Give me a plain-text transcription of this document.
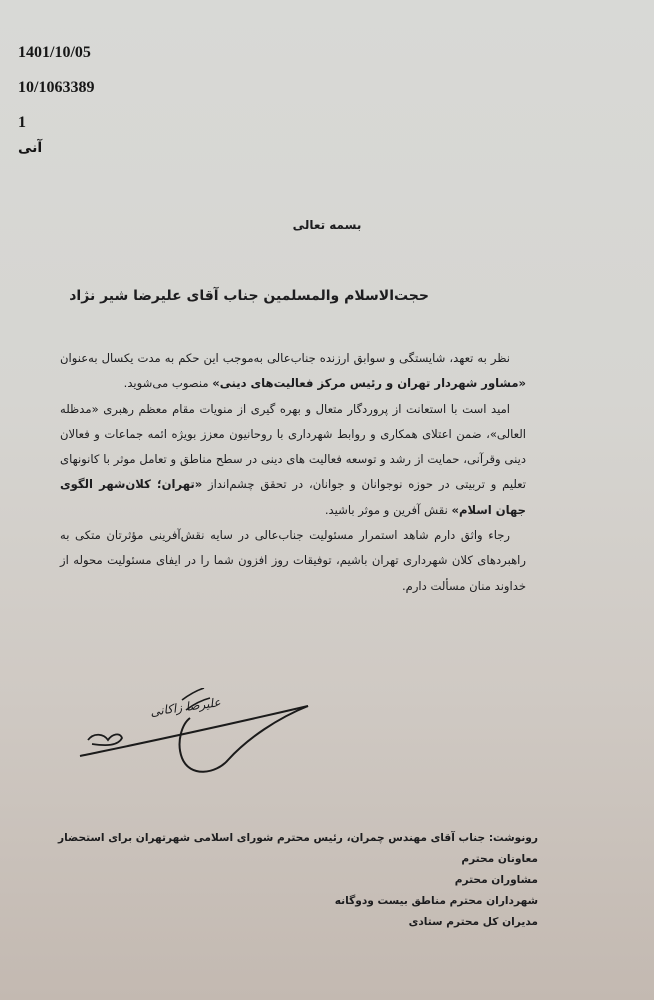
1401/10/05
10/1063389
1
آنی
بسمه تعالی
حجت‌الاسلام والمسلمین جناب آقای علیرضا شیر نژاد

نظر به تعهد، شایستگی و سوابق ارزنده جناب‌عالی به‌موجب این حکم به مدت یکسال به‌عنوان «مشاور شهردار تهران و رئیس مرکز فعالیت‌های دینی» منصوب می‌شوید.

امید است با استعانت از پروردگار متعال و بهره گیری از منویات مقام معظم رهبری «مدظله العالی»، ضمن اعتلای همکاری و روابط شهرداری با روحانیون معزز بویژه ائمه جماعات و فعالان دینی وقرآنی، حمایت از رشد و توسعه فعالیت های دینی در سطح مناطق و تعامل موثر با کانونهای تعلیم و تربیتی در حوزه نوجوانان و جوانان، در تحقق چشم‌انداز «تهران؛ کلان‌شهر الگوی جهان اسلام» نقش آفرین و موثر باشید.

رجاء واثق دارم شاهد استمرار مسئولیت جناب‌عالی در سایه نقش‌آفرینی مؤثرتان متکی به راهبردهای کلان شهرداری تهران باشیم، توفیقات روز افزون شما را در ایفای مسئولیت محوله از خداوند منان مسألت دارم.

علیرضا زاکانی
رونوشت: جناب آقای مهندس چمران، رئیس محترم شورای اسلامی شهرتهران برای استحضار
معاونان محترم
مشاوران محترم
شهرداران محترم مناطق بیست ودوگانه
مدیران کل محترم ستادی
